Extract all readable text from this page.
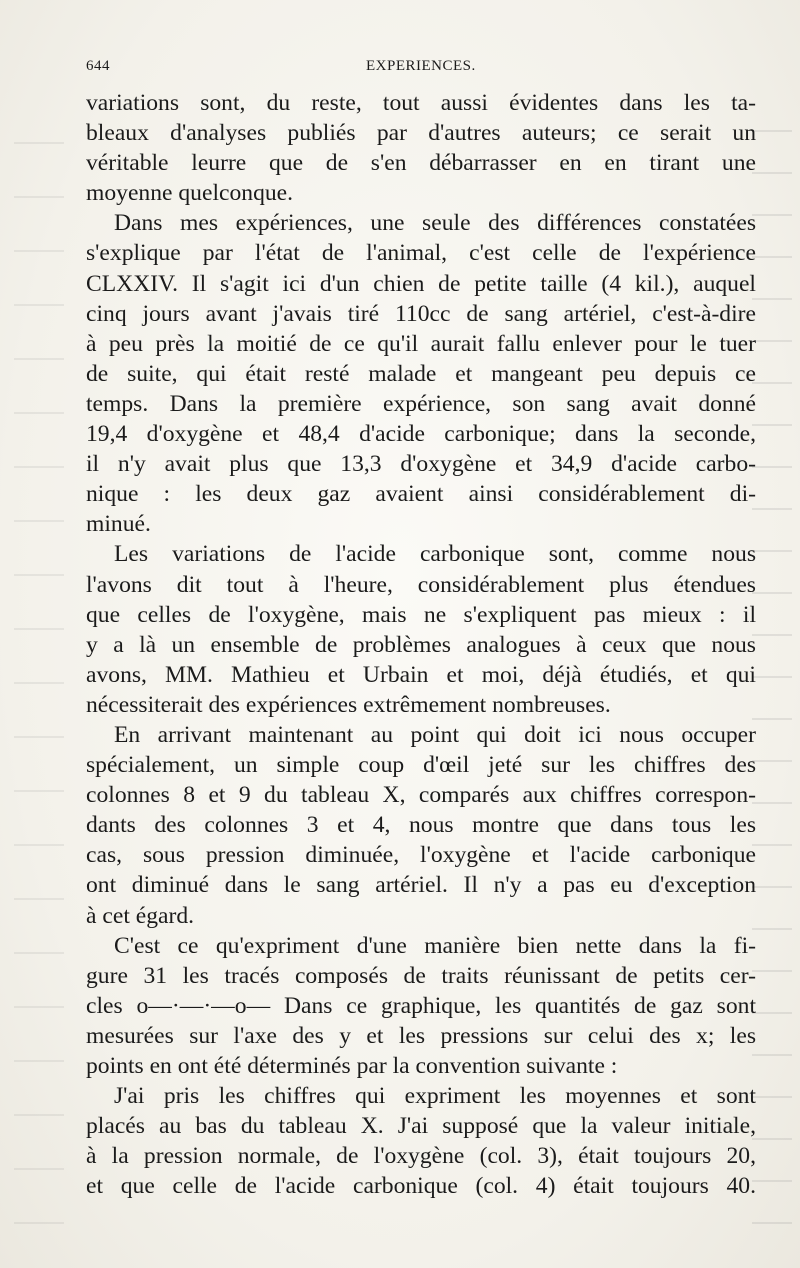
644	EXPERIENCES.
variations sont, du reste, tout aussi évidentes dans les ta-
bleaux d'analyses publiés par d'autres auteurs; ce serait un
véritable leurre que de s'en débarrasser en en tirant une
moyenne quelconque.
Dans mes expériences, une seule des différences constatées
s'explique par l'état de l'animal, c'est celle de l'expérience
CLXXIV. Il s'agit ici d'un chien de petite taille (4 kil.), auquel
cinq jours avant j'avais tiré 110cc de sang artériel, c'est-à-dire
à peu près la moitié de ce qu'il aurait fallu enlever pour le tuer
de suite, qui était resté malade et mangeant peu depuis ce
temps. Dans la première expérience, son sang avait donné
19,4 d'oxygène et 48,4 d'acide carbonique; dans la seconde,
il n'y avait plus que 13,3 d'oxygène et 34,9 d'acide carbo-
nique : les deux gaz avaient ainsi considérablement di-
minué.
Les variations de l'acide carbonique sont, comme nous
l'avons dit tout à l'heure, considérablement plus étendues
que celles de l'oxygène, mais ne s'expliquent pas mieux : il
y a là un ensemble de problèmes analogues à ceux que nous
avons, MM. Mathieu et Urbain et moi, déjà étudiés, et qui
nécessiterait des expériences extrêmement nombreuses.
En arrivant maintenant au point qui doit ici nous occuper
spécialement, un simple coup d'œil jeté sur les chiffres des
colonnes 8 et 9 du tableau X, comparés aux chiffres correspon-
dants des colonnes 3 et 4, nous montre que dans tous les
cas, sous pression diminuée, l'oxygène et l'acide carbonique
ont diminué dans le sang artériel. Il n'y a pas eu d'exception
à cet égard.
C'est ce qu'expriment d'une manière bien nette dans la fi-
gure 31 les tracés composés de traits réunissant de petits cer-
cles o—·—·—o— Dans ce graphique, les quantités de gaz sont
mesurées sur l'axe des y et les pressions sur celui des x; les
points en ont été déterminés par la convention suivante :
J'ai pris les chiffres qui expriment les moyennes et sont
placés au bas du tableau X. J'ai supposé que la valeur initiale,
à la pression normale, de l'oxygène (col. 3), était toujours 20,
et que celle de l'acide carbonique (col. 4) était toujours 40.
